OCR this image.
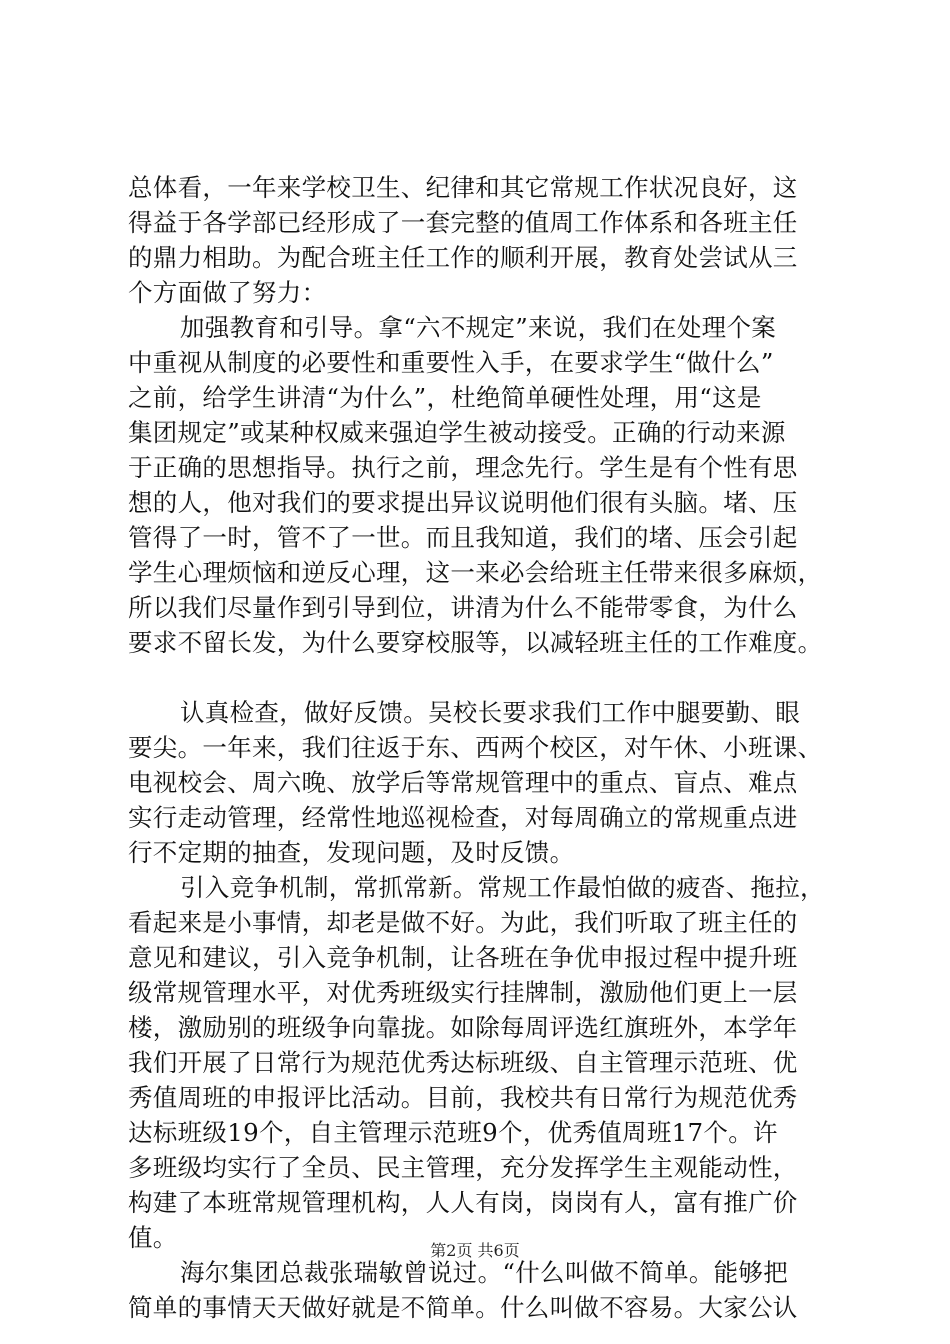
总体看，一年来学校卫生、纪律和其它常规工作状况良好，这
得益于各学部已经形成了一套完整的值周工作体系和各班主任
的鼎力相助。为配合班主任工作的顺利开展，教育处尝试从三
个方面做了努力：
加强教育和引导。拿“六不规定”来说，我们在处理个案
中重视从制度的必要性和重要性入手，在要求学生“做什么”
之前，给学生讲清“为什么”，杜绝简单硬性处理，用“这是
集团规定”或某种权威来强迫学生被动接受。正确的行动来源
于正确的思想指导。执行之前，理念先行。学生是有个性有思
想的人，他对我们的要求提出异议说明他们很有头脑。堵、压
管得了一时，管不了一世。而且我知道，我们的堵、压会引起
学生心理烦恼和逆反心理，这一来必会给班主任带来很多麻烦，
所以我们尽量作到引导到位，讲清为什么不能带零食，为什么
要求不留长发，为什么要穿校服等，以减轻班主任的工作难度。
认真检查，做好反馈。吴校长要求我们工作中腿要勤、眼
要尖。一年来，我们往返于东、西两个校区，对午休、小班课、
电视校会、周六晚、放学后等常规管理中的重点、盲点、难点
实行走动管理，经常性地巡视检查，对每周确立的常规重点进
行不定期的抽查，发现问题，及时反馈。
引入竞争机制，常抓常新。常规工作最怕做的疲沓、拖拉，
看起来是小事情，却老是做不好。为此，我们听取了班主任的
意见和建议，引入竞争机制，让各班在争优申报过程中提升班
级常规管理水平，对优秀班级实行挂牌制，激励他们更上一层
楼，激励别的班级争向靠拢。如除每周评选红旗班外，本学年
我们开展了日常行为规范优秀达标班级、自主管理示范班、优
秀值周班的申报评比活动。目前，我校共有日常行为规范优秀
达标班级19个，自主管理示范班9个，优秀值周班17个。许
多班级均实行了全员、民主管理，充分发挥学生主观能动性，
构建了本班常规管理机构，人人有岗，岗岗有人，富有推广价
值。
海尔集团总裁张瑞敏曾说过。“什么叫做不简单。能够把
简单的事情天天做好就是不简单。什么叫做不容易。大家公认
第2页 共6页
